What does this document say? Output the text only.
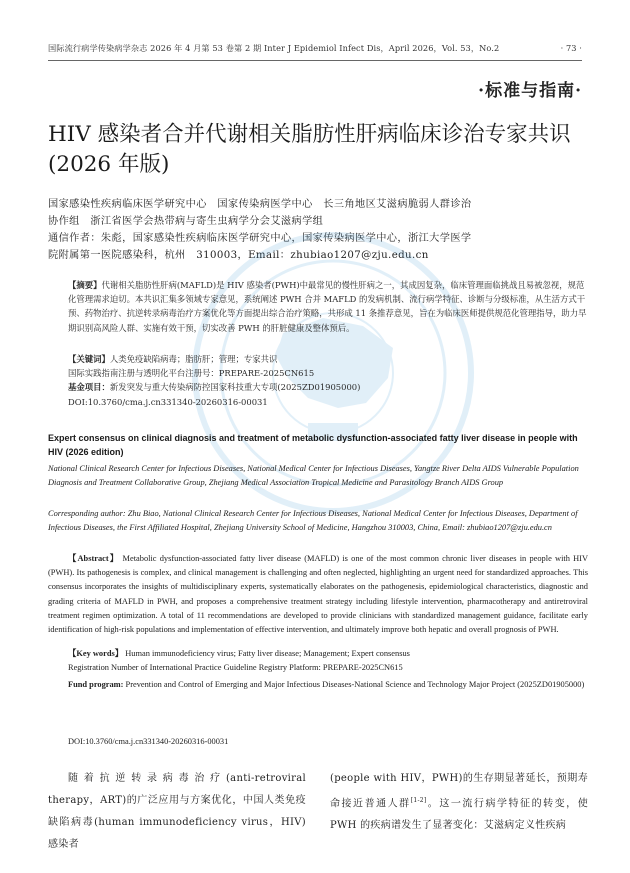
国际流行病学传染病学杂志 2026 年 4 月第 53 卷第 2 期 Inter J Epidemiol Infect Dis，April 2026，Vol. 53，No.2	· 73 ·
·标准与指南·
HIV 感染者合并代谢相关脂肪性肝病临床诊治专家共识(2026 年版)
国家感染性疾病临床医学研究中心　国家传染病医学中心　长三角地区艾滋病脆弱人群诊治
协作组　浙江省医学会热带病与寄生虫病学分会艾滋病学组
通信作者：朱彪，国家感染性疾病临床医学研究中心，国家传染病医学中心，浙江大学医学
院附属第一医院感染科，杭州　310003，Email：zhubiao1207@zju.edu.cn
【摘要】代谢相关脂肪性肝病(MAFLD)是 HIV 感染者(PWH)中最常见的慢性肝病之一，其成因复杂，临床管理面临挑战且易被忽视，规范化管理需求迫切。本共识汇集多领域专家意见，系统阐述 PWH 合并 MAFLD 的发病机制、流行病学特征、诊断与分级标准，从生活方式干预、药物治疗、抗逆转录病毒治疗方案优化等方面提出综合治疗策略，共形成 11 条推荐意见，旨在为临床医师提供规范化管理指导，助力早期识别高风险人群、实施有效干预，切实改善 PWH 的肝脏健康及整体预后。
【关键词】人类免疫缺陷病毒；脂肪肝；管理；专家共识
国际实践指南注册与透明化平台注册号：PREPARE-2025CN615
基金项目：新发突发与重大传染病防控国家科技重大专项(2025ZD01905000)
DOI:10.3760/cma.j.cn331340-20260316-00031
Expert consensus on clinical diagnosis and treatment of metabolic dysfunction-associated fatty liver disease in people with HIV (2026 edition)
National Clinical Research Center for Infectious Diseases, National Medical Center for Infectious Diseases, Yangtze River Delta AIDS Vulnerable Population Diagnosis and Treatment Collaborative Group, Zhejiang Medical Association Tropical Medicine and Parasitology Branch AIDS Group
Corresponding author: Zhu Biao, National Clinical Research Center for Infectious Diseases, National Medical Center for Infectious Diseases, Department of Infectious Diseases, the First Affiliated Hospital, Zhejiang University School of Medicine, Hangzhou 310003, China, Email: zhubiao1207@zju.edu.cn
【Abstract】 Metabolic dysfunction-associated fatty liver disease (MAFLD) is one of the most common chronic liver diseases in people with HIV (PWH). Its pathogenesis is complex, and clinical management is challenging and often neglected, highlighting an urgent need for standardized approaches. This consensus incorporates the insights of multidisciplinary experts, systematically elaborates on the pathogenesis, epidemiological characteristics, diagnostic and grading criteria of MAFLD in PWH, and proposes a comprehensive treatment strategy including lifestyle intervention, pharmacotherapy and antiretroviral treatment regimen optimization. A total of 11 recommendations are developed to provide clinicians with standardized management guidance, facilitate early identification of high-risk populations and implementation of effective intervention, and ultimately improve both hepatic and overall prognosis of PWH.
【Key words】 Human immunodeficiency virus; Fatty liver disease; Management; Expert consensus
Registration Number of International Practice Guideline Registry Platform: PREPARE-2025CN615
Fund program: Prevention and Control of Emerging and Major Infectious Diseases-National Science and Technology Major Project (2025ZD01905000)
DOI:10.3760/cma.j.cn331340-20260316-00031
随着抗逆转录病毒治疗(anti-retroviral therapy，ART)的广泛应用与方案优化，中国人类免疫缺陷病毒(human immunodeficiency virus，HIV)感染者
(people with HIV，PWH)的生存期显著延长，预期寿命接近普通人群[1-2]。这一流行病学特征的转变，使 PWH 的疾病谱发生了显著变化：艾滋病定义性疾病
